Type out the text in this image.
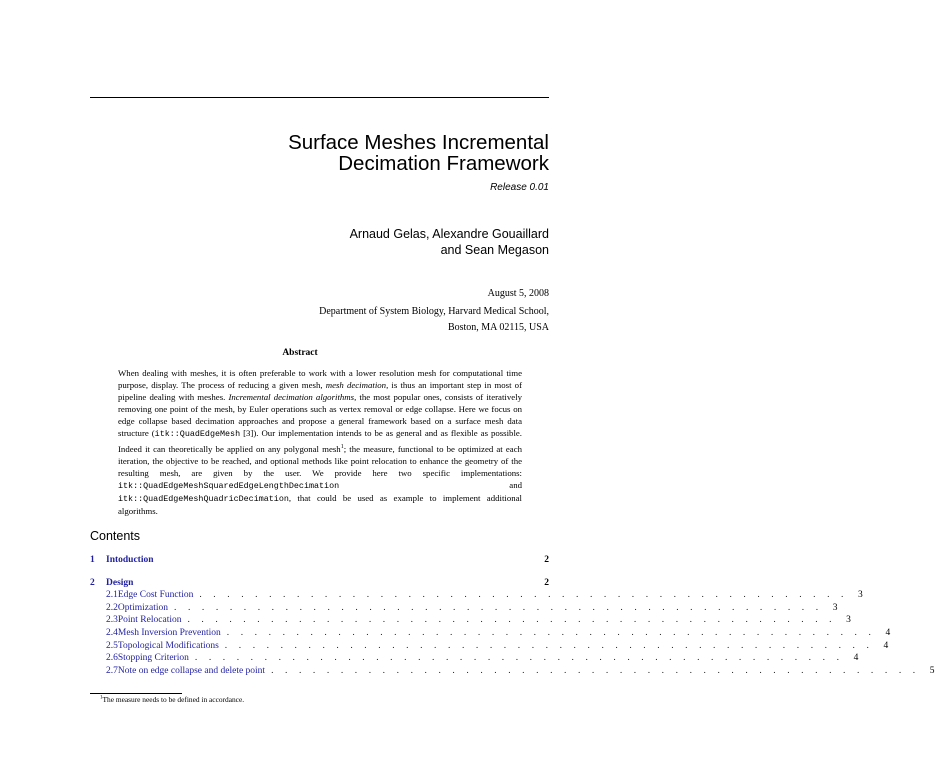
Surface Meshes Incremental
Decimation Framework
Release 0.01
Arnaud Gelas, Alexandre Gouaillard
and Sean Megason
August 5, 2008
Department of System Biology, Harvard Medical School,
Boston, MA 02115, USA
Abstract
When dealing with meshes, it is often preferable to work with a lower resolution mesh for computational time purpose, display. The process of reducing a given mesh, mesh decimation, is thus an important step in most of pipeline dealing with meshes. Incremental decimation algorithms, the most popular ones, consists of iteratively removing one point of the mesh, by Euler operations such as vertex removal or edge collapse. Here we focus on edge collapse based decimation approaches and propose a general framework based on a surface mesh data structure (itk::QuadEdgeMesh [3]). Our implementation intends to be as general and as flexible as possible. Indeed it can theoretically be applied on any polygonal mesh$^1$; the measure, functional to be optimized at each iteration, the objective to be reached, and optional methods like point relocation to enhance the geometry of the resulting mesh, are given by the user. We provide here two specific implementations: itk::QuadEdgeMeshSquaredEdgeLengthDecimation and itk::QuadEdgeMeshQuadricDecimation, that could be used as example to implement additional algorithms.
Contents
1	Intoduction	2
2	Design	2
2.1 Edge Cost Function . . . . . . . . . . . . . . . . . . . . . . . . . . . . . . . . . . . . . . . . . . . . . . . 3
2.2 Optimization . . . . . . . . . . . . . . . . . . . . . . . . . . . . . . . . . . . . . . . . . . . . . . . 3
2.3 Point Relocation . . . . . . . . . . . . . . . . . . . . . . . . . . . . . . . . . . . . . . . . . . . . . . . 3
2.4 Mesh Inversion Prevention . . . . . . . . . . . . . . . . . . . . . . . . . . . . . . . . . . . . . . . . . . . . . . . 4
2.5 Topological Modifications . . . . . . . . . . . . . . . . . . . . . . . . . . . . . . . . . . . . . . . . . . . . . . . 4
2.6 Stopping Criterion . . . . . . . . . . . . . . . . . . . . . . . . . . . . . . . . . . . . . . . . . . . . . . . 4
2.7 Note on edge collapse and delete point . . . . . . . . . . . . . . . . . . . . . . . . . . . . . . . . . . . . . . . . . . . . . . . 5
$^1$The measure needs to be defined in accordance.
